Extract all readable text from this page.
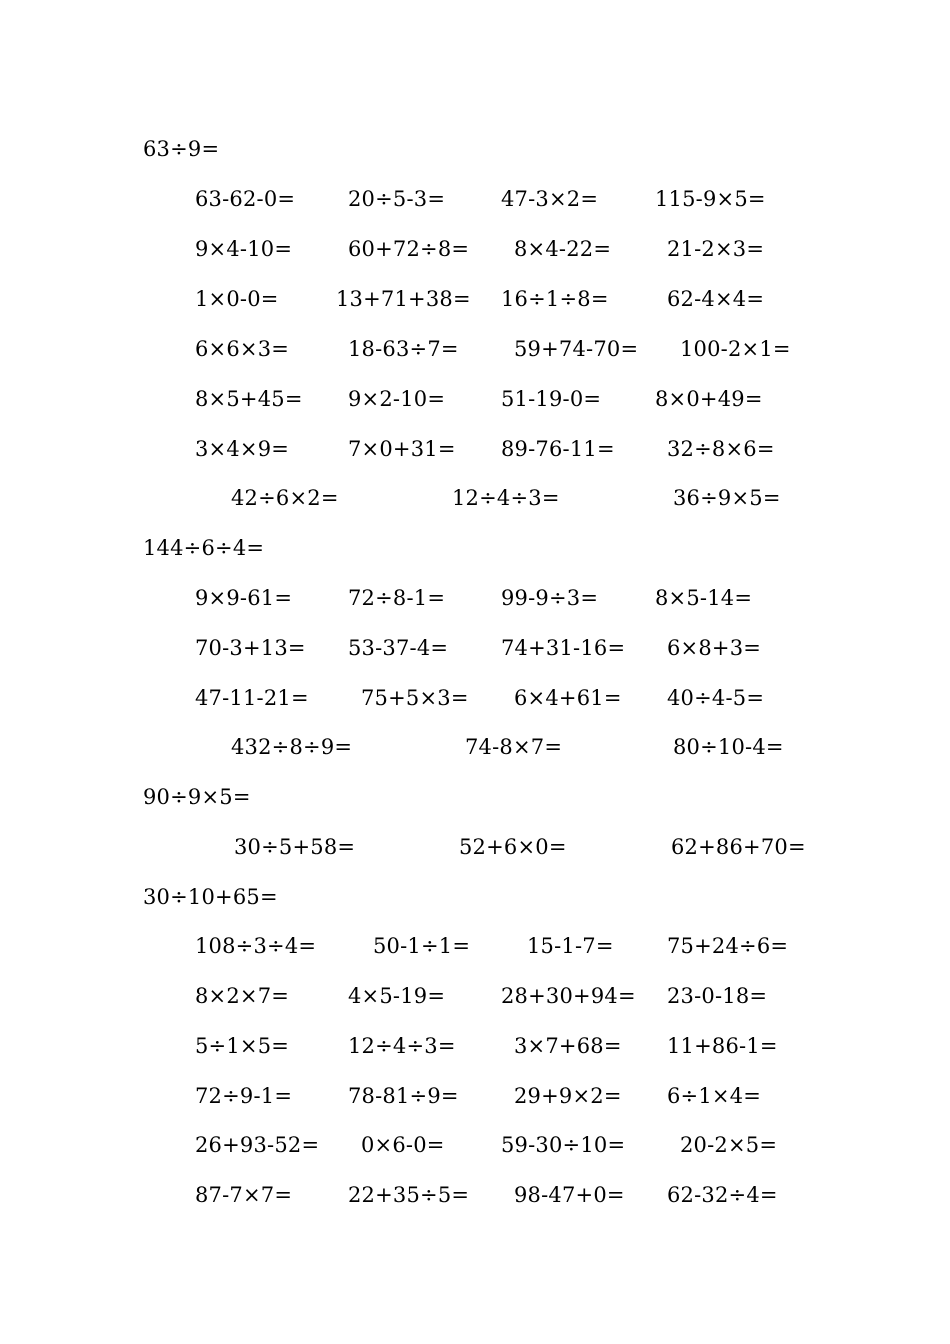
63÷9=
63-62-0=	20÷5-3=	47-3×2=	115-9×5=
9×4-10=	60+72÷8= 8×4-22=	21-2×3=
1×0-0=	13+71+38= 16÷1÷8=	62-4×4=
6×6×3=	18-63÷7=	59+74-70= 100-2×1=
8×5+45= 9×2-10=	51-19-0=	8×0+49=
3×4×9=	7×0+31= 89-76-11= 32÷8×6=
42÷6×2=	12÷4÷3=	36÷9×5=
144÷6÷4=
9×9-61=	72÷8-1=	99-9÷3=	8×5-14=
70-3+13= 53-37-4=	74+31-16= 6×8+3=
47-11-21= 75+5×3= 6×4+61= 40÷4-5=
432÷8÷9=	74-8×7=	80÷10-4=
90÷9×5=
30÷5+58=	52+6×0=	62+86+70=
30÷10+65=
108÷3÷4=	50-1÷1=	15-1-7=	75+24÷6=
8×2×7=	4×5-19=	28+30+94= 23-0-18=
5÷1×5=	12÷4÷3=	3×7+68= 11+86-1=
72÷9-1=	78-81÷9=	29+9×2= 6÷1×4=
26+93-52= 0×6-0=	59-30÷10=	20-2×5=
87-7×7=	22+35÷5= 98-47+0= 62-32÷4=
